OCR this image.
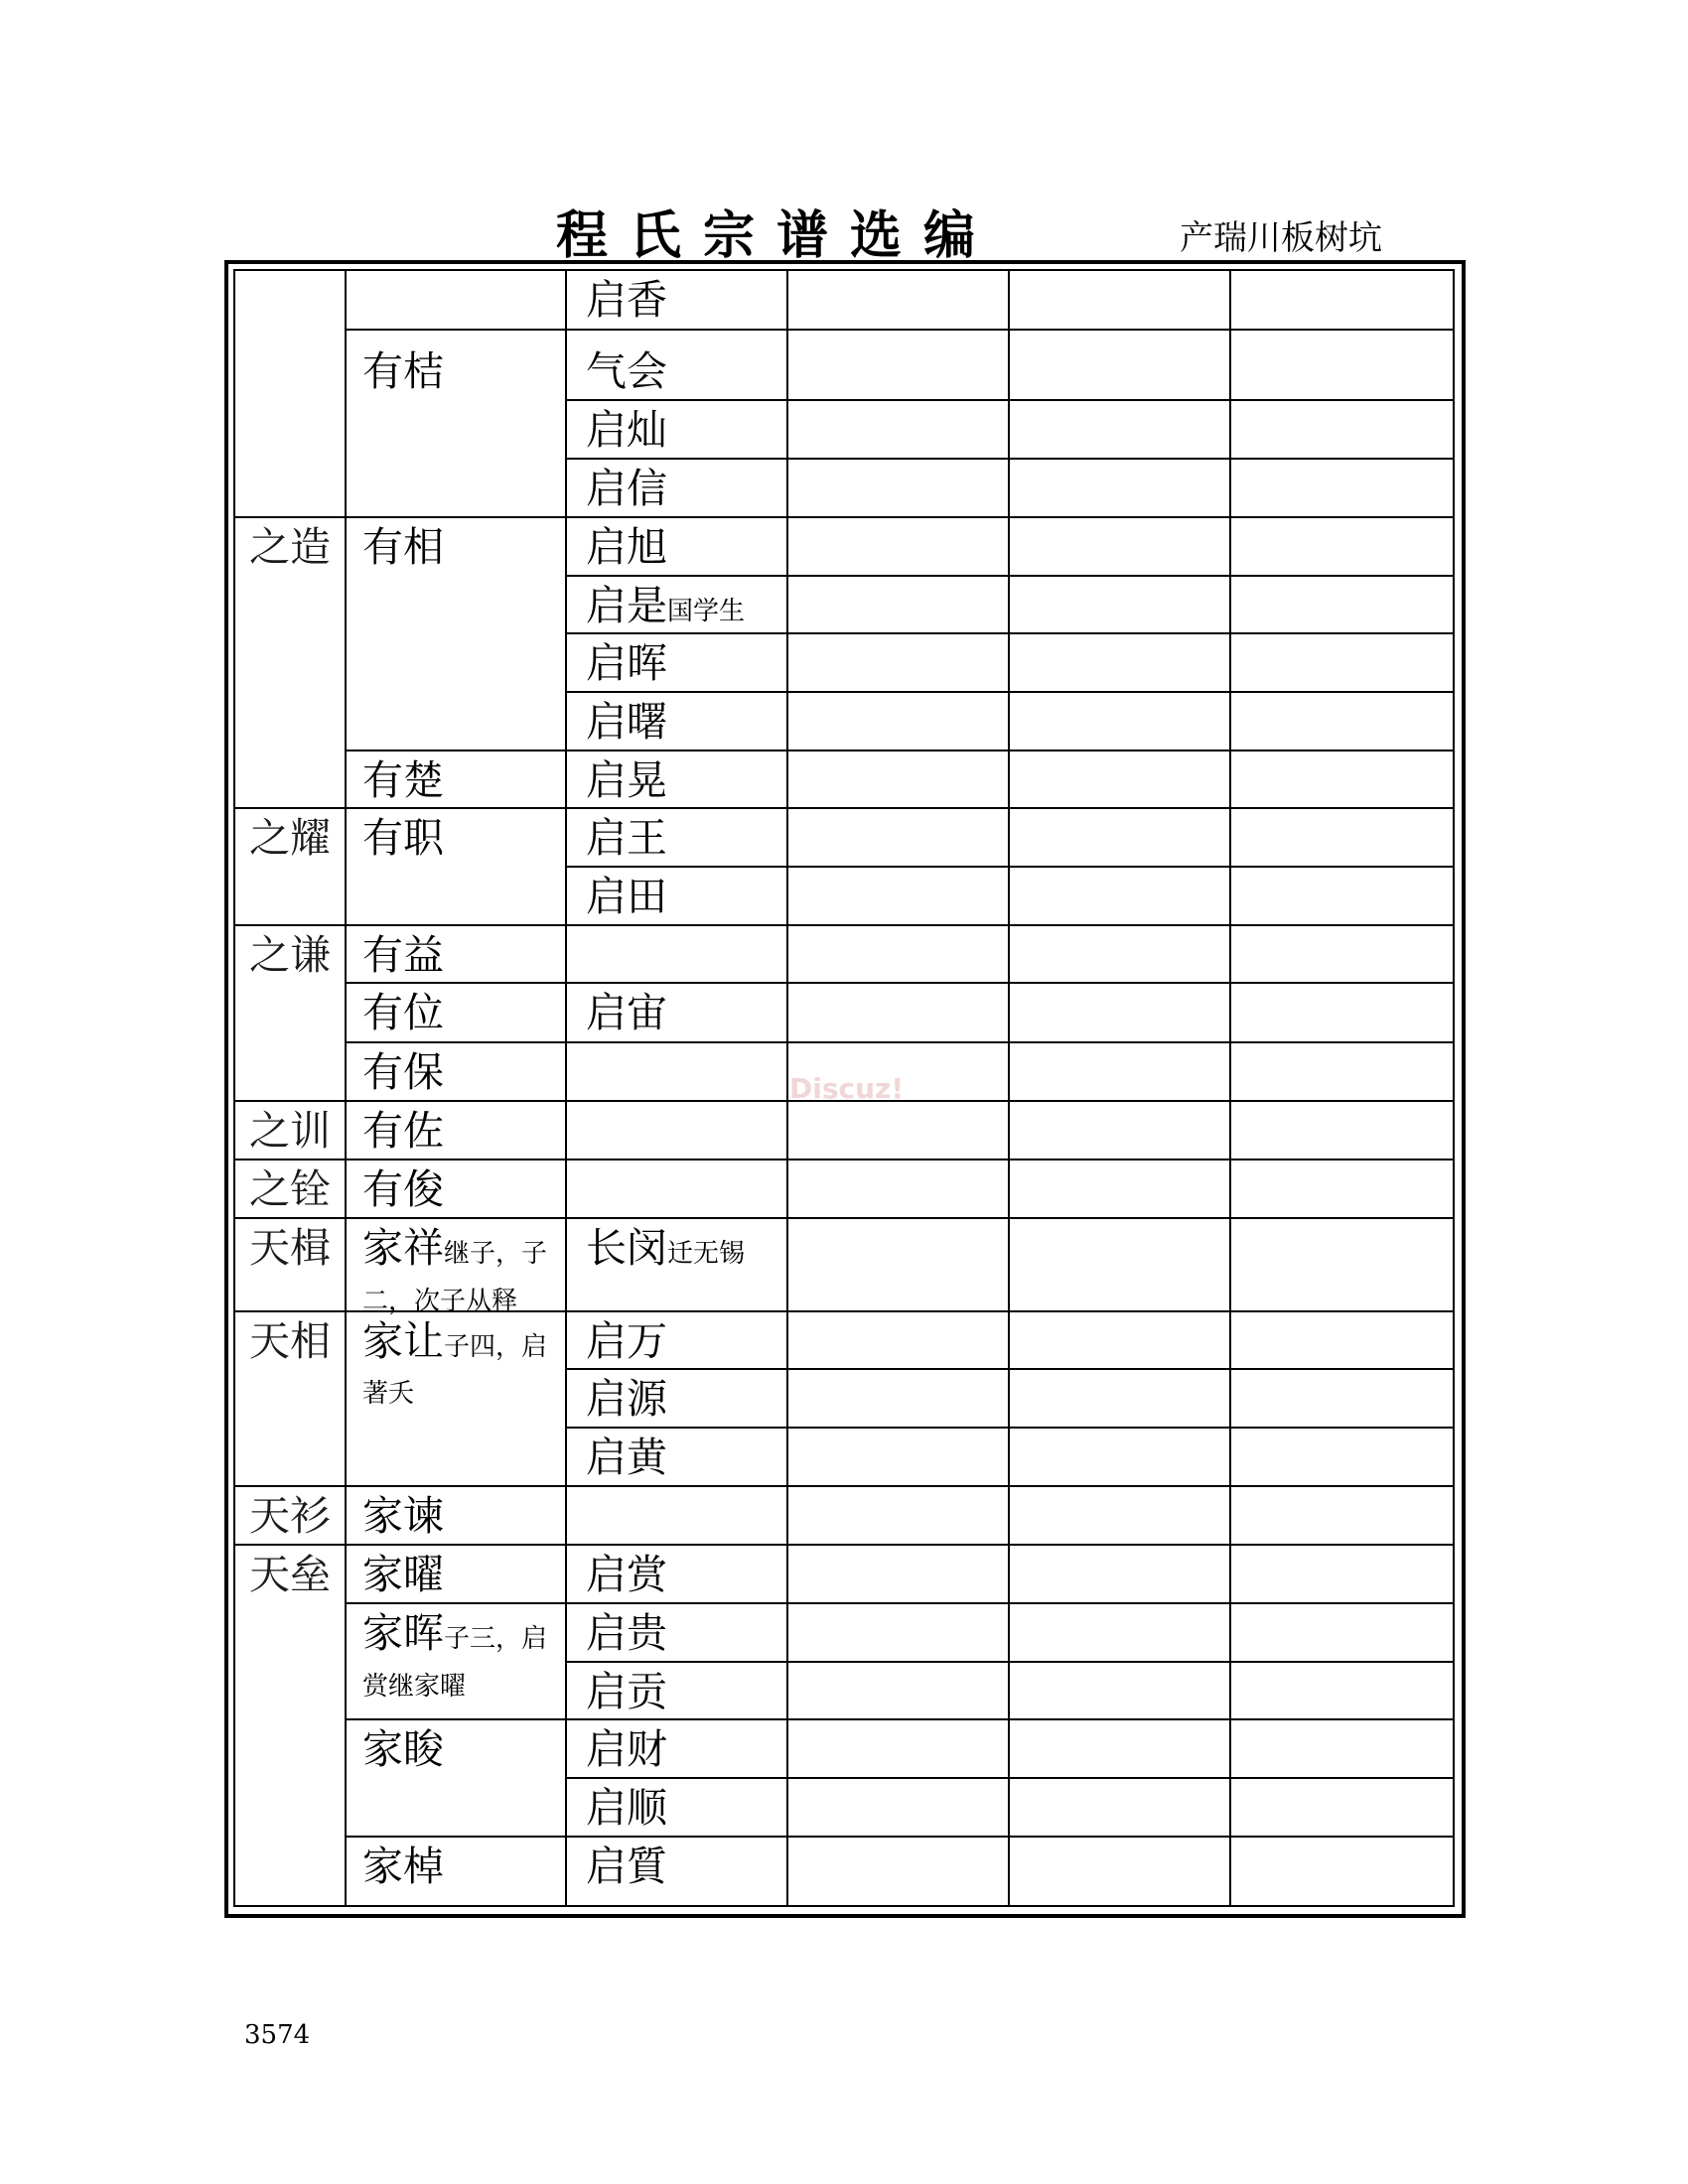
程氏宗谱选编	产瑞川板树坑
之造
之耀
之谦
之训
之铨
天楫
天相
天衫
天垒
有桔
有相
有楚
有职
有益
有位
有保
有佐
有俊
家祥继子，子
二，次子从释
家让子四，启
著夭
家谏
家曜
家晖子三，启
赏继家曜
家睃
家棹
启香
气会
启灿
启信
启旭
启是国学生
启晖
启曙
启晃
启王
启田
启宙
长闵迁无锡
启万
启源
启黄
启赏
启贵
启贡
启财
启顺
启質
Discuz!
3574
